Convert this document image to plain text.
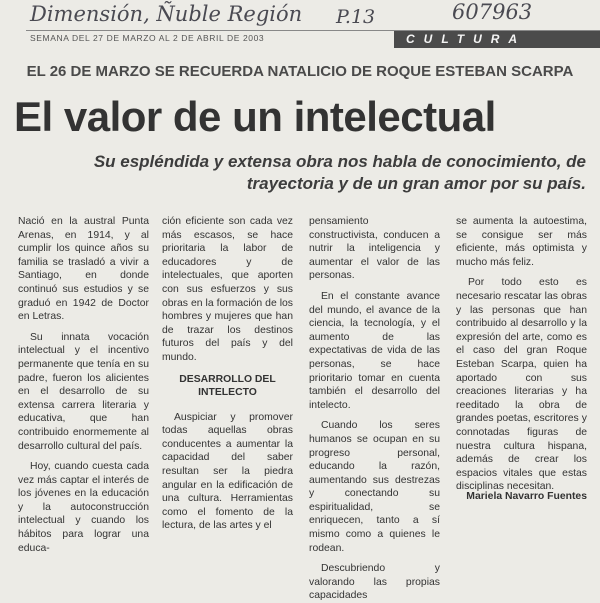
Dimensión, Ñuble Región P.13	607963
SEMANA DEL 27 DE MARZO AL 2 DE ABRIL DE 2003	CULTURA
EL 26 DE MARZO SE RECUERDA NATALICIO DE ROQUE ESTEBAN SCARPA
El valor de un intelectual
Su espléndida y extensa obra nos habla de conocimiento, de trayectoria y de un gran amor por su país.

Nació en la austral Punta Arenas, en 1914, y al cumplir los quince años su familia se trasladó a vivir a Santiago, en donde continuó sus estudios y se graduó en 1942 de Doctor en Letras.

Su innata vocación intelectual y el incentivo permanente que tenía en su padre, fueron los alicientes en el desarrollo de su extensa carrera literaria y educativa, que han contribuido enormemente al desarrollo cultural del país.

Hoy, cuando cuesta cada vez más captar el interés de los jóvenes en la educación y la autoconstrucción intelectual y cuando los hábitos para lograr una educa-

ción eficiente son cada vez más escasos, se hace prioritaria la labor de educadores y de intelectuales, que aporten con sus esfuerzos y sus obras en la formación de los hombres y mujeres que han de trazar los destinos futuros del país y del mundo.

DESARROLLO DEL INTELECTO

Auspiciar y promover todas aquellas obras conducentes a aumentar la capacidad del saber resultan ser la piedra angular en la edificación de una cultura. Herramientas como el fomento de la lectura, de las artes y el

pensamiento constructivista, conducen a nutrir la inteligencia y aumentar el valor de las personas.

En el constante avance del mundo, el avance de la ciencia, la tecnología, y el aumento de las expectativas de vida de las personas, se hace prioritario tomar en cuenta también el desarrollo del intelecto.

Cuando los seres humanos se ocupan en su progreso personal, educando la razón, aumentando sus destrezas y conectando su espiritualidad, se enriquecen, tanto a sí mismo como a quienes le rodean.

Descubriendo y valorando las propias capacidades

se aumenta la autoestima, se consigue ser más eficiente, más optimista y mucho más feliz.

Por todo esto es necesario rescatar las obras y las personas que han contribuido al desarrollo y la expresión del arte, como es el caso del gran Roque Esteban Scarpa, quien ha aportado con sus creaciones literarias y ha reeditado la obra de grandes poetas, escritores y connotadas figuras de nuestra cultura hispana, además de crear los espacios vitales que estas disciplinas necesitan.

Mariela Navarro Fuentes
